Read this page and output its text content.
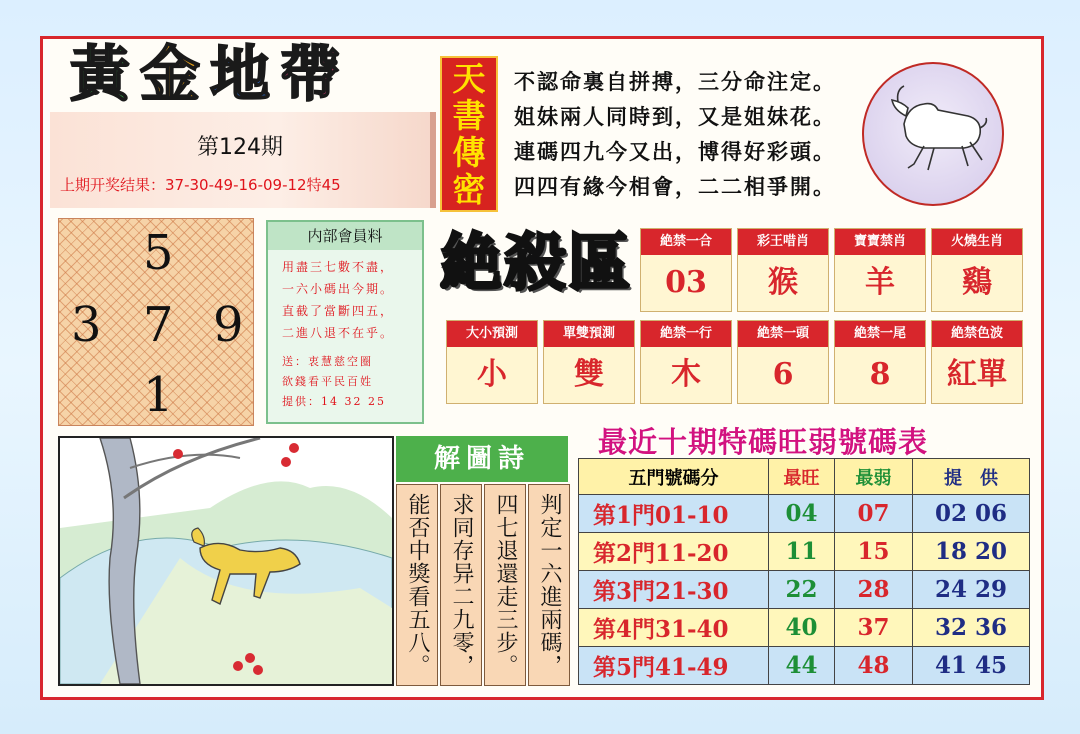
黃 金 地 帶
第124期
上期开奖结果：37-30-49-16-09-12特45
天
書
傳
密
不認命裏自拼搏，三分命注定。
姐妹兩人同時到，又是姐妹花。
連碼四九今又出，博得好彩頭。
四四有緣今相會，二二相爭開。
5
3 7 9
1
内部會員料
用盡三七數不盡，
一六小碼出今期。
直截了當斷四五，
二進八退不在乎。
送：衷慧慈空圈
欲錢看平民百姓
提供：14 32 25
絶殺區	絶禁一合
03
彩王唶肖
猴
寶寶禁肖
羊
火燒生肖
鷄
大小預測
小
單雙預測
雙
絶禁一行
木
絶禁一頭
6
絶禁一尾
8
絶禁色波
紅單
解圖詩
判定一六進兩碼，
四七退還走三步。
求同存异二九零，
能否中獎看五八。
最近十期特碼旺弱號碼表
五門號碼分	最旺	最弱	提　供
第1門01-10	04	07	02 06
第2門11-20	11	15	18 20
第3門21-30	22	28	24 29
第4門31-40	40	37	32 36
第5門41-49	44	48	41 45
